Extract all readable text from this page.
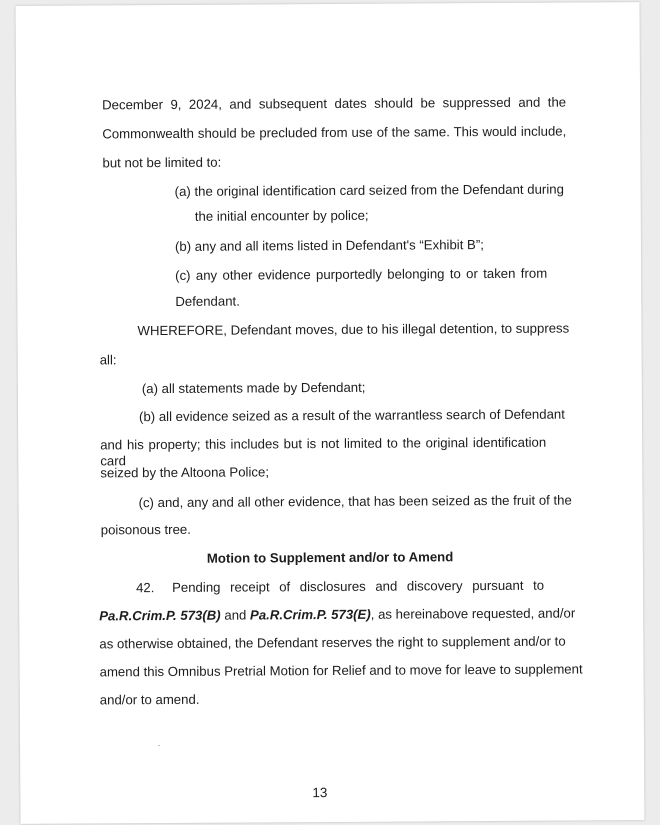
December 9, 2024, and subsequent dates should be suppressed and the
Commonwealth should be precluded from use of the same. This would include,
but not be limited to:
(a) the original identification card seized from the Defendant during
the initial encounter by police;
(b) any and all items listed in Defendant's “Exhibit B”;
(c) any other evidence purportedly belonging to or taken from
Defendant.
WHEREFORE, Defendant moves, due to his illegal detention, to suppress
all:
(a) all statements made by Defendant;
(b) all evidence seized as a result of the warrantless search of Defendant
and his property; this includes but is not limited to the original identification card
seized by the Altoona Police;
(c) and, any and all other evidence, that has been seized as the fruit of the
poisonous tree.
Motion to Supplement and/or to Amend
42. Pending receipt of disclosures and discovery pursuant to
Pa.R.Crim.P. 573(B) and Pa.R.Crim.P. 573(E), as hereinabove requested, and/or
as otherwise obtained, the Defendant reserves the right to supplement and/or to
amend this Omnibus Pretrial Motion for Relief and to move for leave to supplement
and/or to amend.
13
